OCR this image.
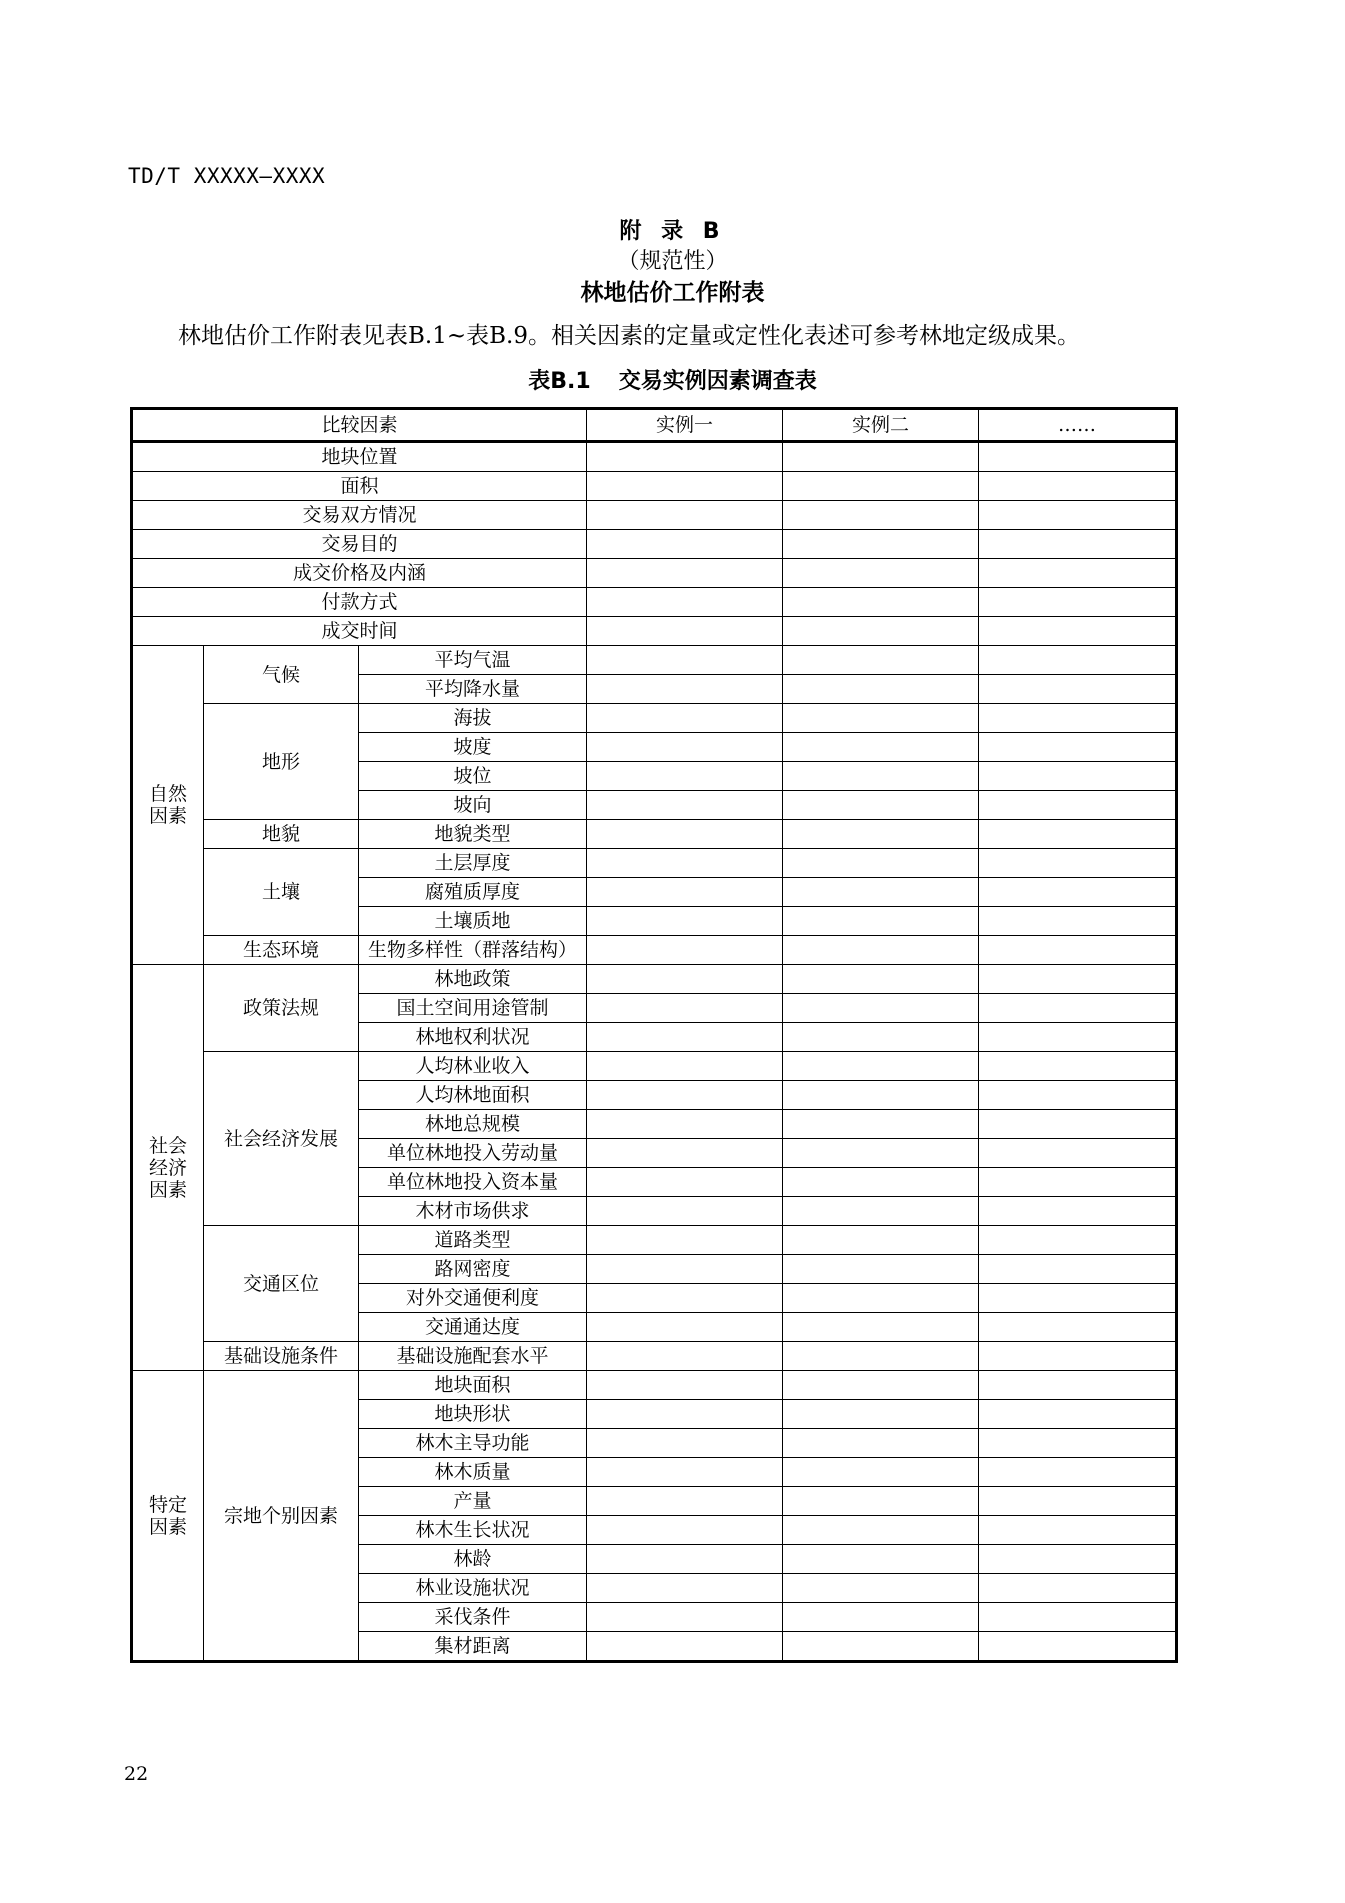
TD/T XXXXX—XXXX
附 录 B
（规范性）
林地估价工作附表
林地估价工作附表见表B.1~表B.9。相关因素的定量或定性化表述可参考林地定级成果。
表B.1 交易实例因素调查表
比较因素			实例一	实例二	……
地块位置					
面积					
交易双方情况					
交易目的					
成交价格及内涵					
付款方式					
成交时间					
自然因素	气候	平均气温			
		平均降水量			
	地形	海拔			
		坡度			
		坡位			
		坡向			
	地貌	地貌类型			
	土壤	土层厚度			
		腐殖质厚度			
		土壤质地			
	生态环境	生物多样性（群落结构）			
社会经济因素	政策法规	林地政策			
		国土空间用途管制			
		林地权利状况			
	社会经济发展	人均林业收入			
		人均林地面积			
		林地总规模			
		单位林地投入劳动量			
		单位林地投入资本量			
		木材市场供求			
	交通区位	道路类型			
		路网密度			
		对外交通便利度			
		交通通达度			
	基础设施条件	基础设施配套水平			
特定因素	宗地个别因素	地块面积			
		地块形状			
		林木主导功能			
		林木质量			
		产量			
		林木生长状况			
		林龄			
		林业设施状况			
		采伐条件			
		集材距离			
22
